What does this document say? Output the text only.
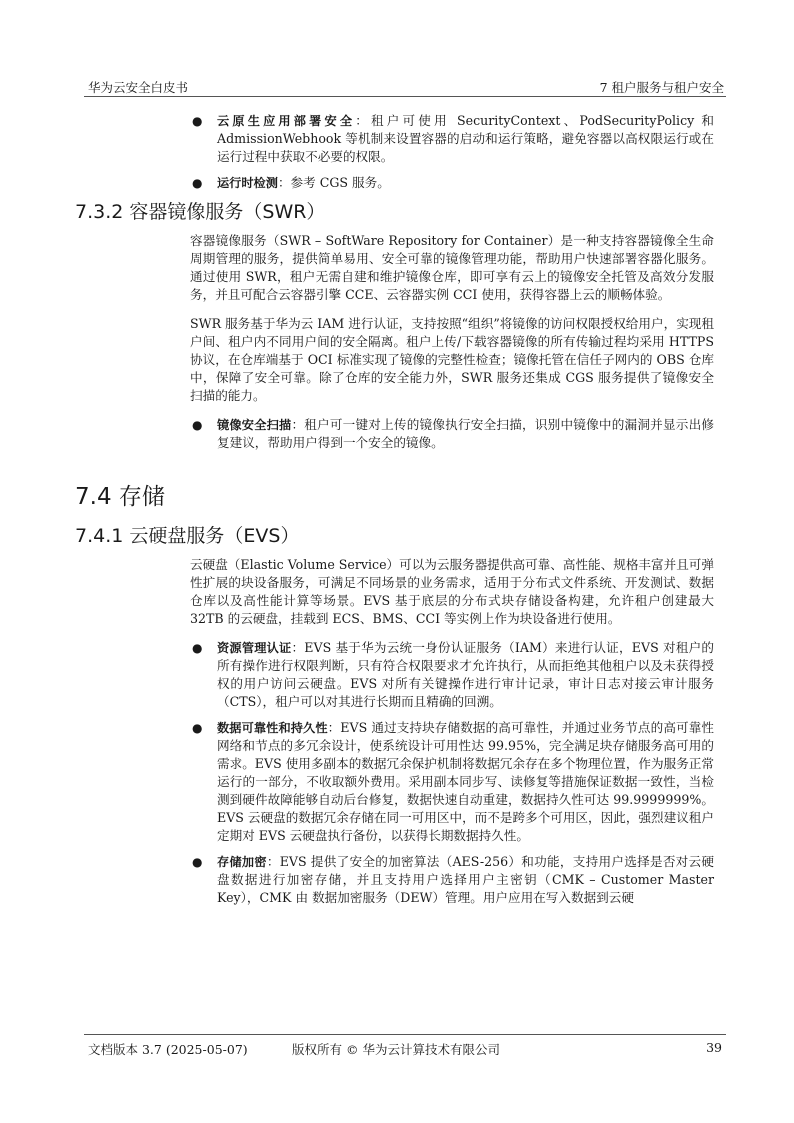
华为云安全白皮书	7 租户服务与租户安全
● 云原生应用部署安全：租户可使用 SecurityContext、PodSecurityPolicy 和 AdmissionWebhook 等机制来设置容器的启动和运行策略，避免容器以高权限运行或在运行过程中获取不必要的权限。
● 运行时检测：参考 CGS 服务。
7.3.2 容器镜像服务（SWR）

容器镜像服务（SWR – SoftWare Repository for Container）是一种支持容器镜像全生命周期管理的服务，提供简单易用、安全可靠的镜像管理功能，帮助用户快速部署容器化服务。通过使用 SWR，租户无需自建和维护镜像仓库，即可享有云上的镜像安全托管及高效分发服务，并且可配合云容器引擎 CCE、云容器实例 CCI 使用，获得容器上云的顺畅体验。

SWR 服务基于华为云 IAM 进行认证，支持按照“组织”将镜像的访问权限授权给用户，实现租户间、租户内不同用户间的安全隔离。租户上传/下载容器镜像的所有传输过程均采用 HTTPS 协议，在仓库端基于 OCI 标准实现了镜像的完整性检查；镜像托管在信任子网内的 OBS 仓库中，保障了安全可靠。除了仓库的安全能力外，SWR 服务还集成 CGS 服务提供了镜像安全扫描的能力。

● 镜像安全扫描：租户可一键对上传的镜像执行安全扫描，识别中镜像中的漏洞并显示出修复建议，帮助用户得到一个安全的镜像。
7.4 存储
7.4.1 云硬盘服务（EVS）

云硬盘（Elastic Volume Service）可以为云服务器提供高可靠、高性能、规格丰富并且可弹性扩展的块设备服务，可满足不同场景的业务需求，适用于分布式文件系统、开发测试、数据仓库以及高性能计算等场景。EVS 基于底层的分布式块存储设备构建，允许租户创建最大 32TB 的云硬盘，挂载到 ECS、BMS、CCI 等实例上作为块设备进行使用。

● 资源管理认证：EVS 基于华为云统一身份认证服务（IAM）来进行认证，EVS 对租户的所有操作进行权限判断，只有符合权限要求才允许执行，从而拒绝其他租户以及未获得授权的用户访问云硬盘。EVS 对所有关键操作进行审计记录，审计日志对接云审计服务（CTS），租户可以对其进行长期而且精确的回溯。
● 数据可靠性和持久性：EVS 通过支持块存储数据的高可靠性，并通过业务节点的高可靠性网络和节点的多冗余设计，使系统设计可用性达 99.95%，完全满足块存储服务高可用的需求。EVS 使用多副本的数据冗余保护机制将数据冗余存在多个物理位置，作为服务正常运行的一部分，不收取额外费用。采用副本同步写、读修复等措施保证数据一致性，当检测到硬件故障能够自动后台修复，数据快速自动重建，数据持久性可达 99.9999999%。EVS 云硬盘的数据冗余存储在同一可用区中，而不是跨多个可用区，因此，强烈建议租户定期对 EVS 云硬盘执行备份，以获得长期数据持久性。
● 存储加密：EVS 提供了安全的加密算法（AES-256）和功能，支持用户选择是否对云硬盘数据进行加密存储，并且支持用户选择用户主密钥（CMK – Customer Master Key），CMK 由 数据加密服务（DEW）管理。用户应用在写入数据到云硬
文档版本 3.7 (2025-05-07)	版权所有 © 华为云计算技术有限公司	39
